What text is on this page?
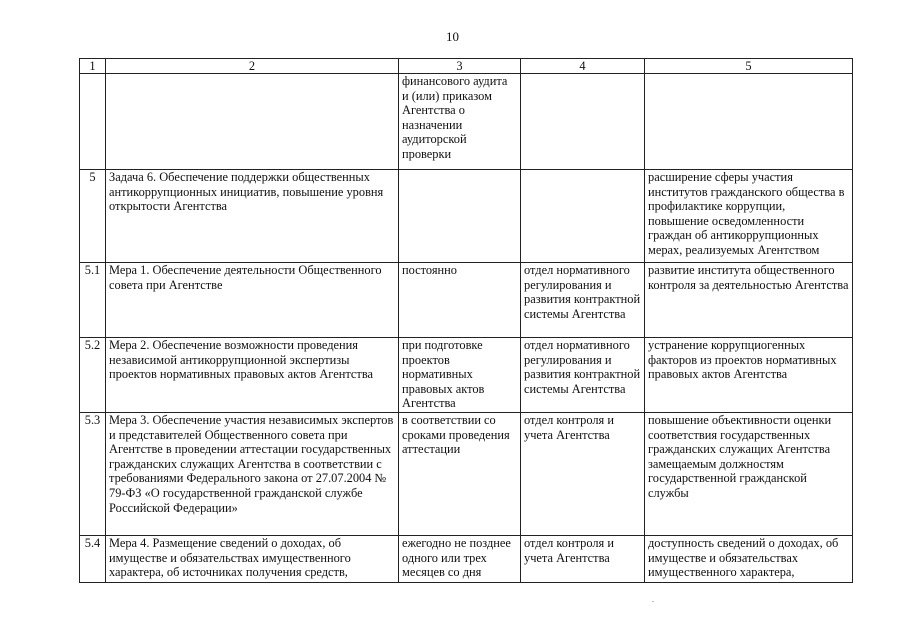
10
1	2	3	4	5
		финансового аудита и (или) приказом Агентства о назначении аудиторской проверки		
5	Задача 6. Обеспечение поддержки общественных антикоррупционных инициатив, повышение уровня открытости Агентства			расширение сферы участия институтов гражданского общества в профилактике коррупции, повышение осведомленности граждан об антикоррупционных мерах, реализуемых Агентством
5.1	Мера 1. Обеспечение деятельности Общественного совета при Агентстве	постоянно	отдел нормативного регулирования и развития контрактной системы Агентства	развитие института общественного контроля за деятельностью Агентства
5.2	Мера 2. Обеспечение возможности проведения независимой антикоррупционной экспертизы проектов нормативных правовых актов Агентства	при подготовке проектов нормативных правовых актов Агентства	отдел нормативного регулирования и развития контрактной системы Агентства	устранение коррупциогенных факторов из проектов нормативных правовых актов Агентства
5.3	Мера 3. Обеспечение участия независимых экспертов и представителей Общественного совета при Агентстве в проведении аттестации государственных гражданских служащих Агентства в соответствии с требованиями Федерального закона от 27.07.2004 № 79-ФЗ «О государственной гражданской службе Российской Федерации»	в соответствии со сроками проведения аттестации	отдел контроля и учета Агентства	повышение объективности оценки соответствия государственных гражданских служащих Агентства замещаемым должностям государственной гражданской службы
5.4	Мера 4. Размещение сведений о доходах, об имуществе и обязательствах имущественного характера, об источниках получения средств,	ежегодно не позднее одного или трех месяцев со дня	отдел контроля и учета Агентства	доступность сведений о доходах, об имуществе и обязательствах имущественного характера,
